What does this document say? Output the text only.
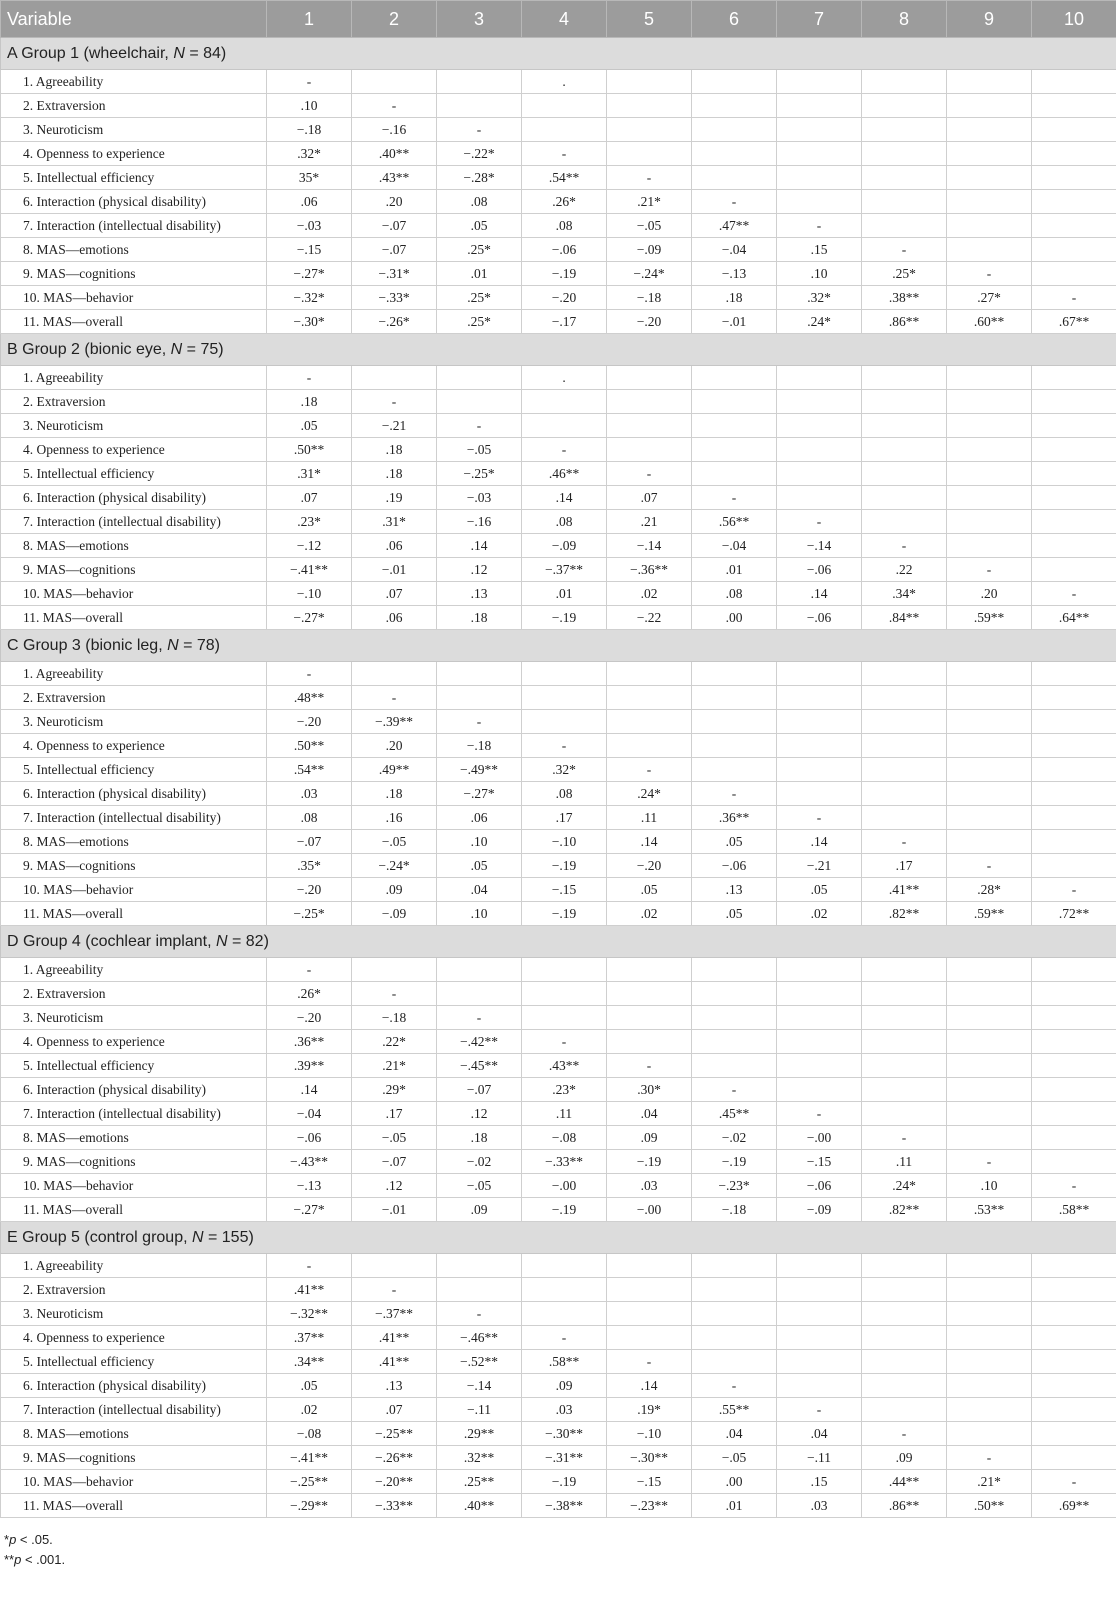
Variable	1	2	3	4	5	6	7	8	9	10
A Group 1 (wheelchair, N = 84)										
1. Agreeability	-			.						
2. Extraversion	.10	-								
3. Neuroticism	−.18	−.16	-							
4. Openness to experience	.32*	.40**	−.22*	-						
5. Intellectual efficiency	35*	.43**	−.28*	.54**	-					
6. Interaction (physical disability)	.06	.20	.08	.26*	.21*	-				
7. Interaction (intellectual disability)	−.03	−.07	.05	.08	−.05	.47**	-			
8. MAS—emotions	−.15	−.07	.25*	−.06	−.09	−.04	.15	-		
9. MAS—cognitions	−.27*	−.31*	.01	−.19	−.24*	−.13	.10	.25*	-	
10. MAS—behavior	−.32*	−.33*	.25*	−.20	−.18	.18	.32*	.38**	.27*	-
11. MAS—overall	−.30*	−.26*	.25*	−.17	−.20	−.01	.24*	.86**	.60**	.67**
B Group 2 (bionic eye, N = 75)										
1. Agreeability	-			.						
2. Extraversion	.18	-								
3. Neuroticism	.05	−.21	-							
4. Openness to experience	.50**	.18	−.05	-						
5. Intellectual efficiency	.31*	.18	−.25*	.46**	-					
6. Interaction (physical disability)	.07	.19	−.03	.14	.07	-				
7. Interaction (intellectual disability)	.23*	.31*	−.16	.08	.21	.56**	-			
8. MAS—emotions	−.12	.06	.14	−.09	−.14	−.04	−.14	-		
9. MAS—cognitions	−.41**	−.01	.12	−.37**	−.36**	.01	−.06	.22	-	
10. MAS—behavior	−.10	.07	.13	.01	.02	.08	.14	.34*	.20	-
11. MAS—overall	−.27*	.06	.18	−.19	−.22	.00	−.06	.84**	.59**	.64**
C Group 3 (bionic leg, N = 78)										
1. Agreeability	-									
2. Extraversion	.48**	-								
3. Neuroticism	−.20	−.39**	-							
4. Openness to experience	.50**	.20	−.18	-						
5. Intellectual efficiency	.54**	.49**	−.49**	.32*	-					
6. Interaction (physical disability)	.03	.18	−.27*	.08	.24*	-				
7. Interaction (intellectual disability)	.08	.16	.06	.17	.11	.36**	-			
8. MAS—emotions	−.07	−.05	.10	−.10	.14	.05	.14	-		
9. MAS—cognitions	.35*	−.24*	.05	−.19	−.20	−.06	−.21	.17	-	
10. MAS—behavior	−.20	.09	.04	−.15	.05	.13	.05	.41**	.28*	-
11. MAS—overall	−.25*	−.09	.10	−.19	.02	.05	.02	.82**	.59**	.72**
D Group 4 (cochlear implant, N = 82)										
1. Agreeability	-									
2. Extraversion	.26*	-								
3. Neuroticism	−.20	−.18	-							
4. Openness to experience	.36**	.22*	−.42**	-						
5. Intellectual efficiency	.39**	.21*	−.45**	.43**	-					
6. Interaction (physical disability)	.14	.29*	−.07	.23*	.30*	-				
7. Interaction (intellectual disability)	−.04	.17	.12	.11	.04	.45**	-			
8. MAS—emotions	−.06	−.05	.18	−.08	.09	−.02	−.00	-		
9. MAS—cognitions	−.43**	−.07	−.02	−.33**	−.19	−.19	−.15	.11	-	
10. MAS—behavior	−.13	.12	−.05	−.00	.03	−.23*	−.06	.24*	.10	-
11. MAS—overall	−.27*	−.01	.09	−.19	−.00	−.18	−.09	.82**	.53**	.58**
E Group 5 (control group, N = 155)										
1. Agreeability	-									
2. Extraversion	.41**	-								
3. Neuroticism	−.32**	−.37**	-							
4. Openness to experience	.37**	.41**	−.46**	-						
5. Intellectual efficiency	.34**	.41**	−.52**	.58**	-					
6. Interaction (physical disability)	.05	.13	−.14	.09	.14	-				
7. Interaction (intellectual disability)	.02	.07	−.11	.03	.19*	.55**	-			
8. MAS—emotions	−.08	−.25**	.29**	−.30**	−.10	.04	.04	-		
9. MAS—cognitions	−.41**	−.26**	.32**	−.31**	−.30**	−.05	−.11	.09	-	
10. MAS—behavior	−.25**	−.20**	.25**	−.19	−.15	.00	.15	.44**	.21*	-
11. MAS—overall	−.29**	−.33**	.40**	−.38**	−.23**	.01	.03	.86**	.50**	.69**
*p < .05.
**p < .001.
